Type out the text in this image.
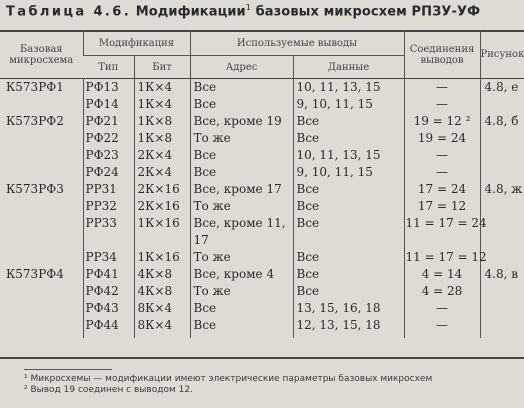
Таблица 4.6. Модификации$^1$ базовых микросхем РПЗУ-УФ
Базовая микросхема	Модификация		Используемые выводы		Соединения выводов	Рисунок
	Тип	Бит	Адрес	Данные		
К573РФ1	РФ13	1К×4	Все	10, 11, 13, 15	—	4.8, е
	РФ14	1К×4	Все	9, 10, 11, 15	—	
К573РФ2	РФ21	1К×8	Все, кроме 19	Все	19 = 12 ²	4.8, б
	РФ22	1К×8	То же	Все	19 = 24	
	РФ23	2К×4	Все	10, 11, 13, 15	—	
	РФ24	2К×4	Все	9, 10, 11, 15	—	
К573РФ3	РР31	2К×16	Все, кроме 17	Все	17 = 24	4.8, ж
	РР32	2К×16	То же	Все	17 = 12	
	РР33	1К×16	Все, кроме 11, 17	Все	11 = 17 = 24	
	РР34	1К×16	То же	Все	11 = 17 = 12	
К573РФ4	РФ41	4К×8	Все, кроме 4	Все	4 = 14	4.8, в
	РФ42	4К×8	То же	Все	4 = 28	
	РФ43	8К×4	Все	13, 15, 16, 18	—	
	РФ44	8К×4	Все	12, 13, 15, 18	—	
¹ Микросхемы — модификации имеют электрические параметры базовых микросхем
² Вывод 19 соединен с выводом 12.
